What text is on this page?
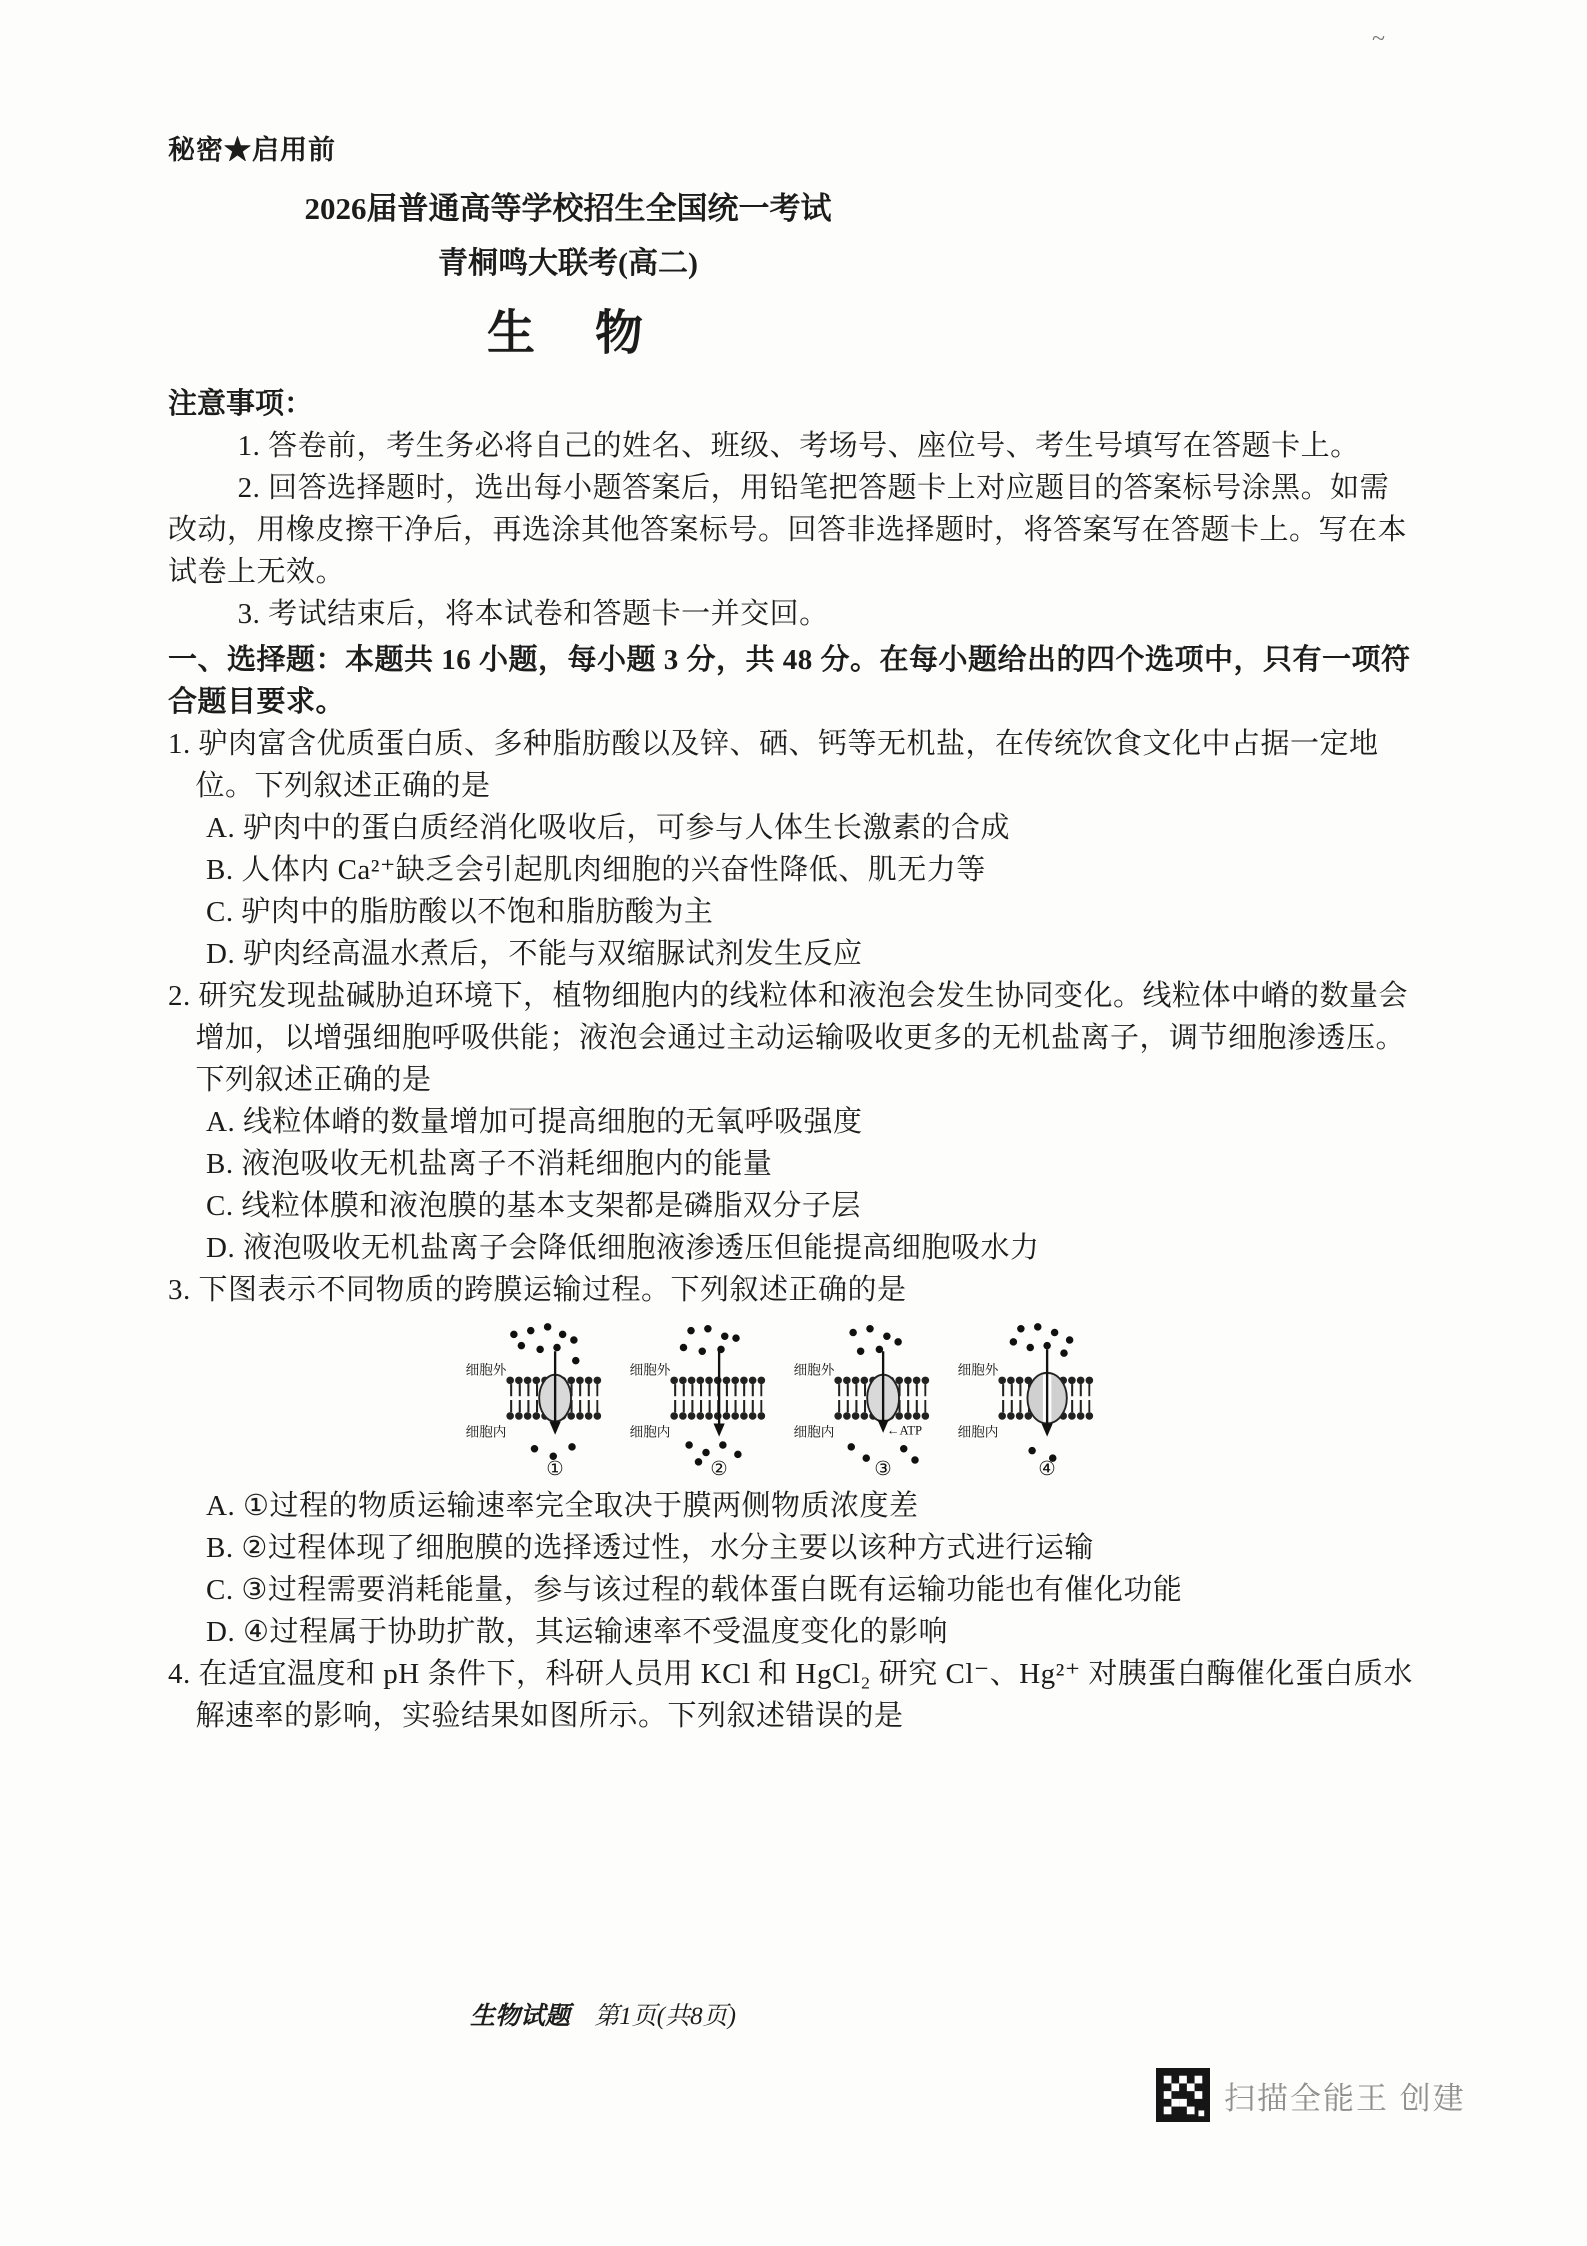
~
秘密★启用前
2026届普通高等学校招生全国统一考试
青桐鸣大联考(高二)
生　物
注意事项：

1. 答卷前，考生务必将自己的姓名、班级、考场号、座位号、考生号填写在答题卡上。

2. 回答选择题时，选出每小题答案后，用铅笔把答题卡上对应题目的答案标号涂黑。如需改动，用橡皮擦干净后，再选涂其他答案标号。回答非选择题时，将答案写在答题卡上。写在本试卷上无效。

3. 考试结束后，将本试卷和答题卡一并交回。

一、选择题：本题共 16 小题，每小题 3 分，共 48 分。在每小题给出的四个选项中，只有一项符合题目要求。

1. 驴肉富含优质蛋白质、多种脂肪酸以及锌、硒、钙等无机盐，在传统饮食文化中占据一定地位。下列叙述正确的是

A. 驴肉中的蛋白质经消化吸收后，可参与人体生长激素的合成

B. 人体内 Ca²⁺缺乏会引起肌肉细胞的兴奋性降低、肌无力等

C. 驴肉中的脂肪酸以不饱和脂肪酸为主

D. 驴肉经高温水煮后，不能与双缩脲试剂发生反应

2. 研究发现盐碱胁迫环境下，植物细胞内的线粒体和液泡会发生协同变化。线粒体中嵴的数量会增加，以增强细胞呼吸供能；液泡会通过主动运输吸收更多的无机盐离子，调节细胞渗透压。下列叙述正确的是

A. 线粒体嵴的数量增加可提高细胞的无氧呼吸强度

B. 液泡吸收无机盐离子不消耗细胞内的能量

C. 线粒体膜和液泡膜的基本支架都是磷脂双分子层

D. 液泡吸收无机盐离子会降低细胞液渗透压但能提高细胞吸水力

3. 下图表示不同物质的跨膜运输过程。下列叙述正确的是

细胞外
细胞内
①
细胞外
细胞内
②
←ATP
细胞外
细胞内
③
细胞外
细胞内
④

A. ①过程的物质运输速率完全取决于膜两侧物质浓度差

B. ②过程体现了细胞膜的选择透过性，水分主要以该种方式进行运输

C. ③过程需要消耗能量，参与该过程的载体蛋白既有运输功能也有催化功能

D. ④过程属于协助扩散，其运输速率不受温度变化的影响

4. 在适宜温度和 pH 条件下，科研人员用 KCl 和 HgCl₂ 研究 Cl⁻、Hg²⁺ 对胰蛋白酶催化蛋白质水解速率的影响，实验结果如图所示。下列叙述错误的是

生物试题 第1页(共8页)
扫描全能王 创建
